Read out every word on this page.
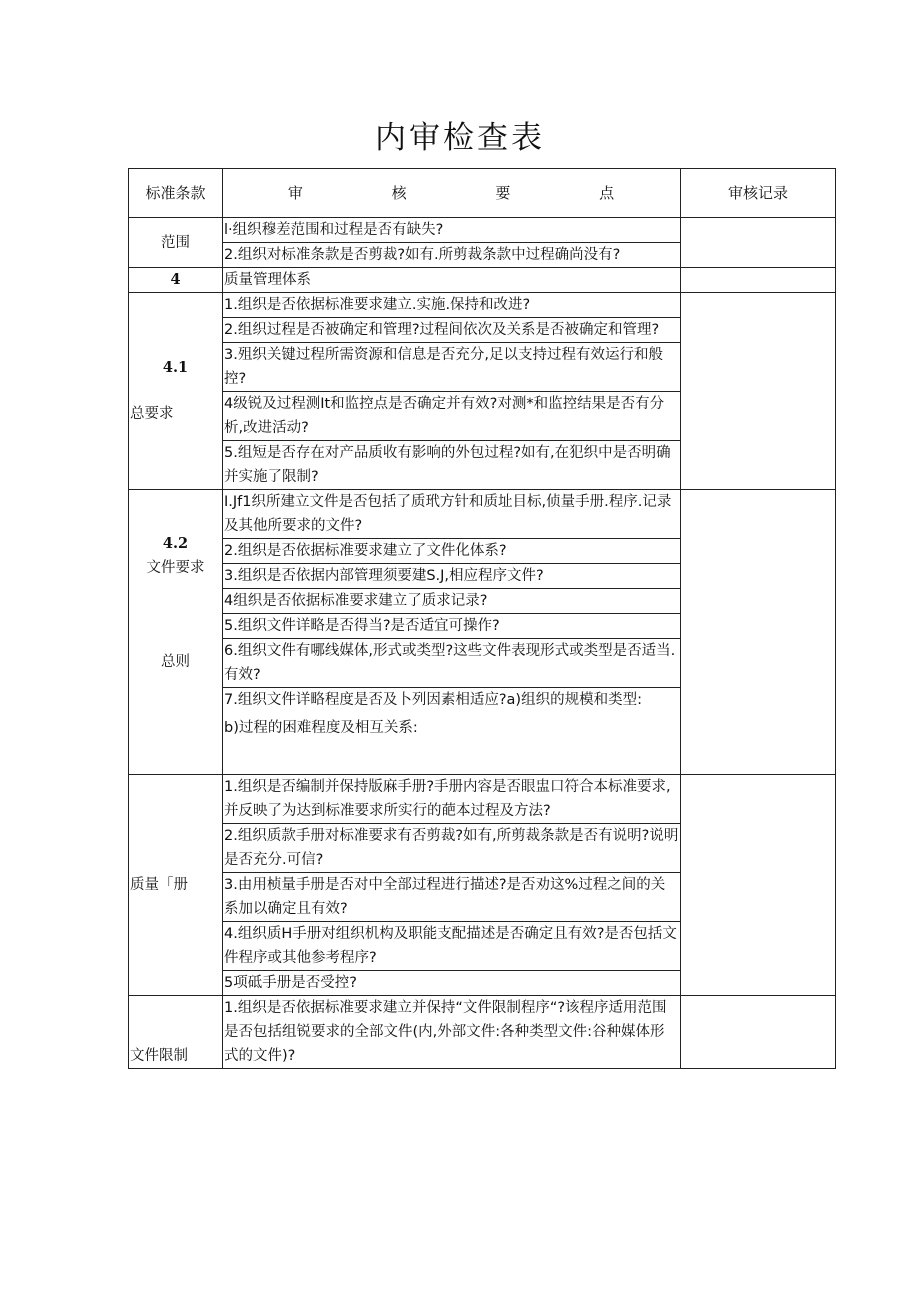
内审检查表
标准条款	审 核 要 点	审核记录
范围	l·组织穆差范围和过程是否有缺失?	
	2.组织对标准条款是否剪裁?如有.所剪裁条款中过程确尚没有?	
4	质量管理体系	

4.1
总要求	1.组织是否依据标准要求建立.实施.保持和改进?	
	2.组织过程是否被确定和管理?过程间依次及关系是否被确定和管理?	
	3.殂织关键过程所需资源和信息是否充分,足以支持过程有效运行和般控?	
	4级锐及过程测It和监控点是否确定并有效?对测*和监控结果是否有分析,改进活动?	
	5.组短是否存在对产品质收有影响的外包过程?如有,在犯织中是否明确并实施了限制?	

4.2
文件要求
总则	I.Jf1织所建立文件是否包括了质玳方针和质址目标,侦量手册.程序.记录及其他所要求的文件?	
	2.组织是否依据标准要求建立了文件化体系?	
	3.组织是否依据内部管理须要建S.J,相应程序文件?	
	4组织是否依据标准要求建立了质求记录?	
	5.组织文件详略是否得当?是否适宜可操作?	
	6.组织文件有哪线媒体,形式或类型?这些文件表现形式或类型是否适当.有效?	

	7.组织文件详略程度是否及卜列因素相适应?a)组织的规模和类型:
b)过程的困难程度及相互关系:	

质量「册	1.组织是否编制并保持版麻手册?手册内容是否眼盅口符合本标准要求,并反映了为达到标准要求所实行的葩本过程及方法?	
	2.组织质款手册对标准要求有否剪裁?如有,所剪裁条款是否有说明?说明是否充分.可信?	
	3.由用桢量手册是否对中全部过程进行描述?是否劝这%过程之间的关系加以确定且有效?	
	4.组织质H手册对组织机构及职能支配描述是否确定且有效?是否包括文件程序或其他参考程序?	
	5项砥手册是否受控?	
文件限制	1.组织是否依据标准要求建立并保持“文件限制程序“?该程序适用范围是否包括组锐要求的全部文件(内,外部文件:各种类型文件:谷种媒体形式的文件)?	
